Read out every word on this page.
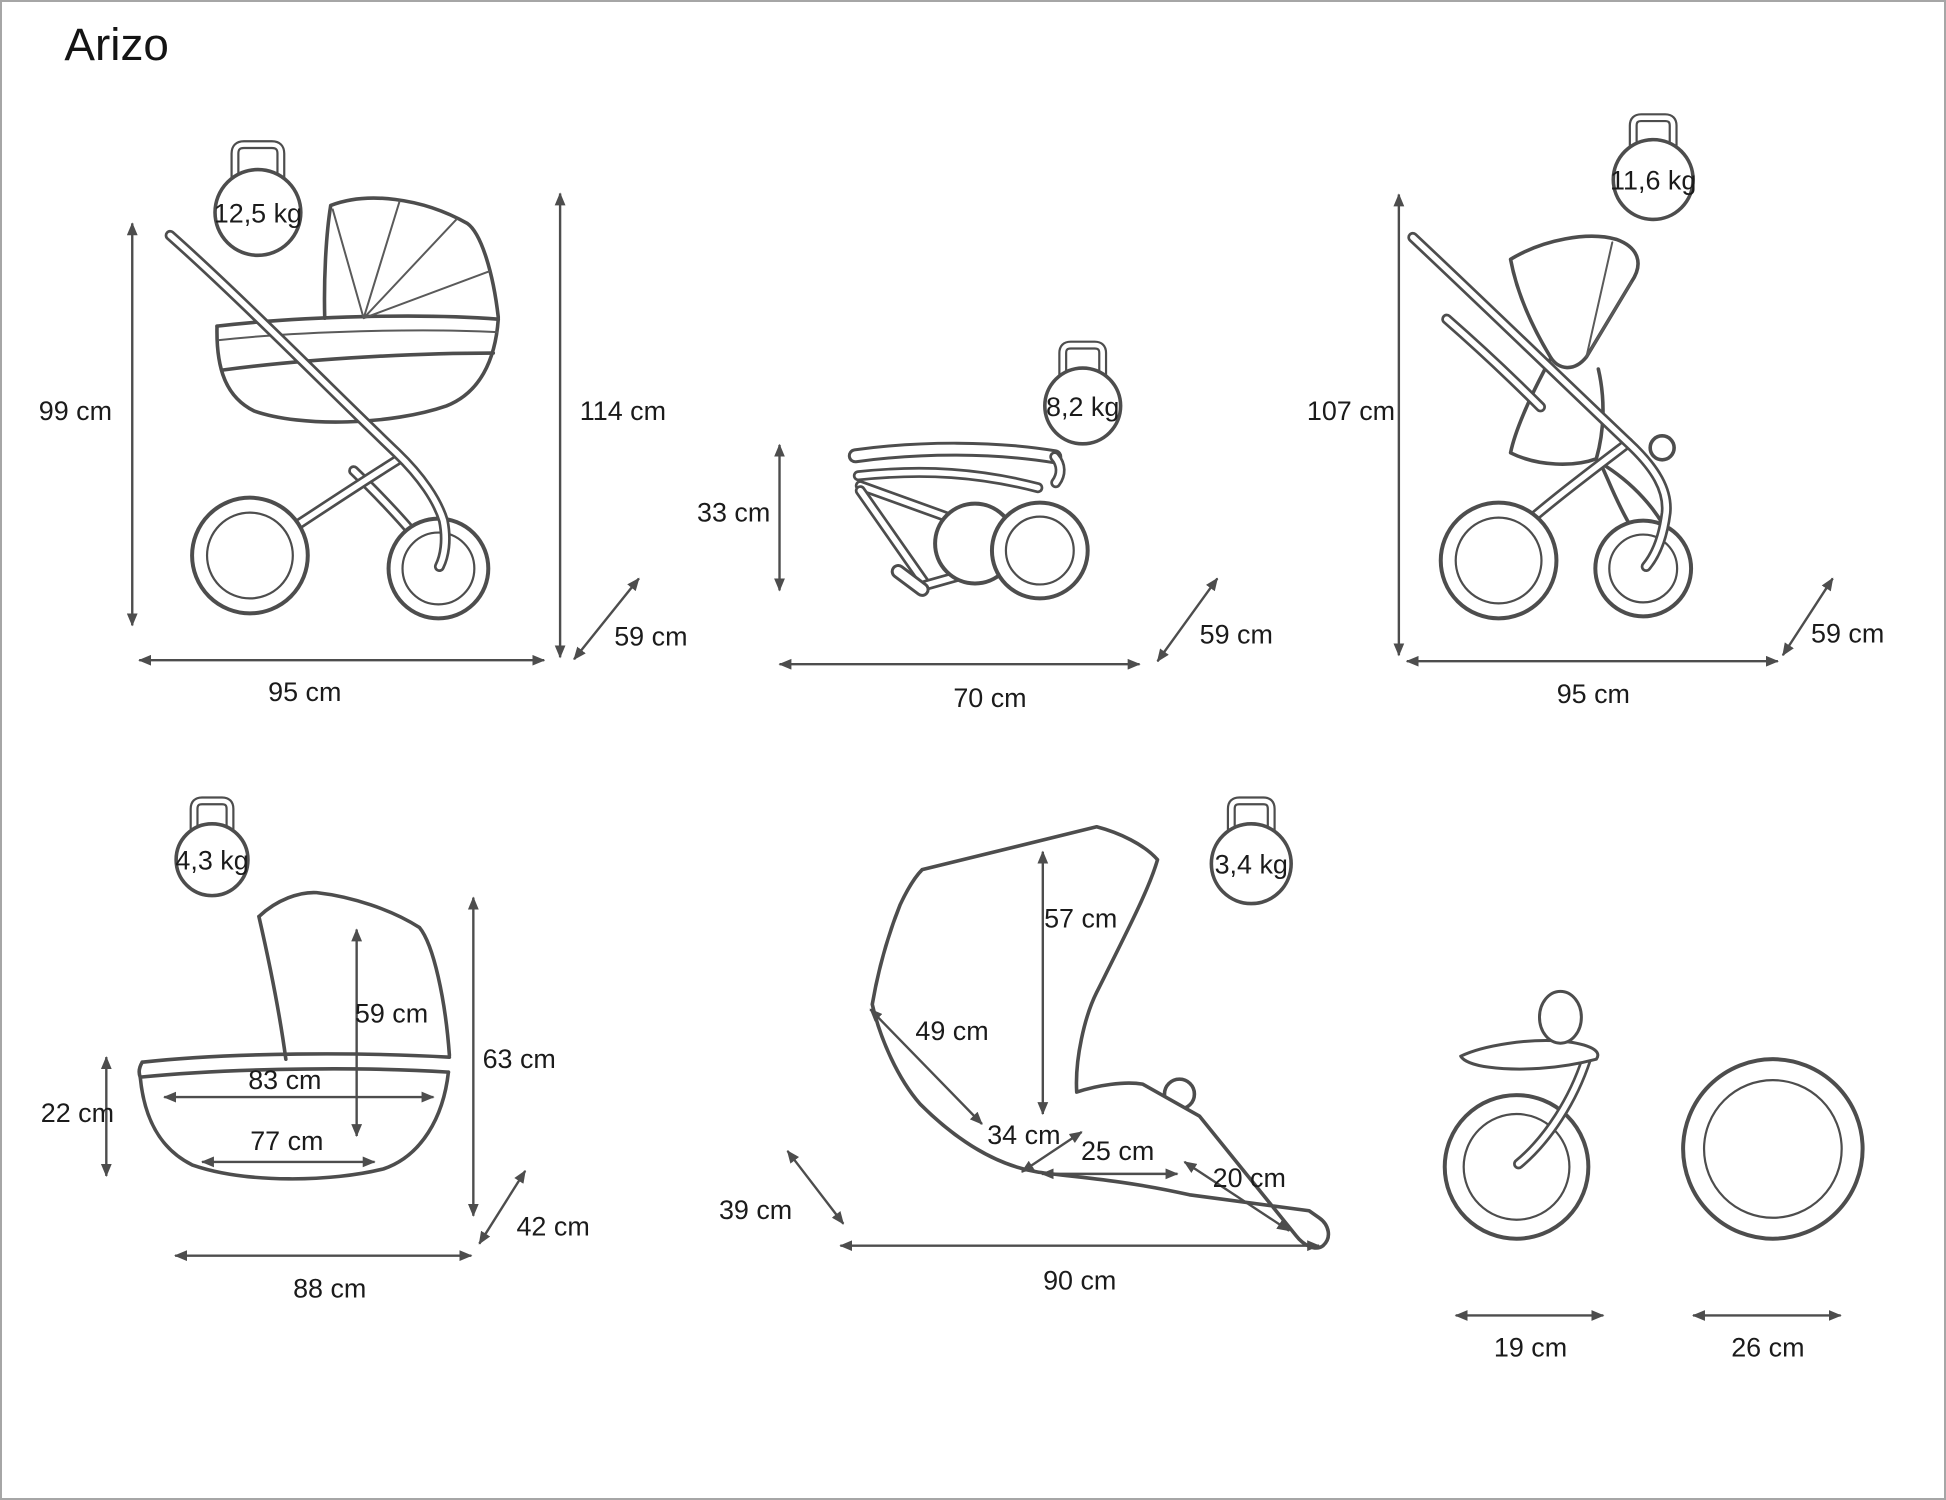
Arizo
12,5 kg
99 cm	114 cm
95 cm
59 cm
8,2 kg
33 cm
70 cm
59 cm
11,6 kg
107 cm
95 cm
59 cm
4,3 kg
59 cm
63 cm
22 cm
83 cm
77 cm
88 cm
42 cm
3,4 kg
57 cm
49 cm
34 cm
25 cm
20 cm
39 cm
90 cm
19 cm	26 cm
